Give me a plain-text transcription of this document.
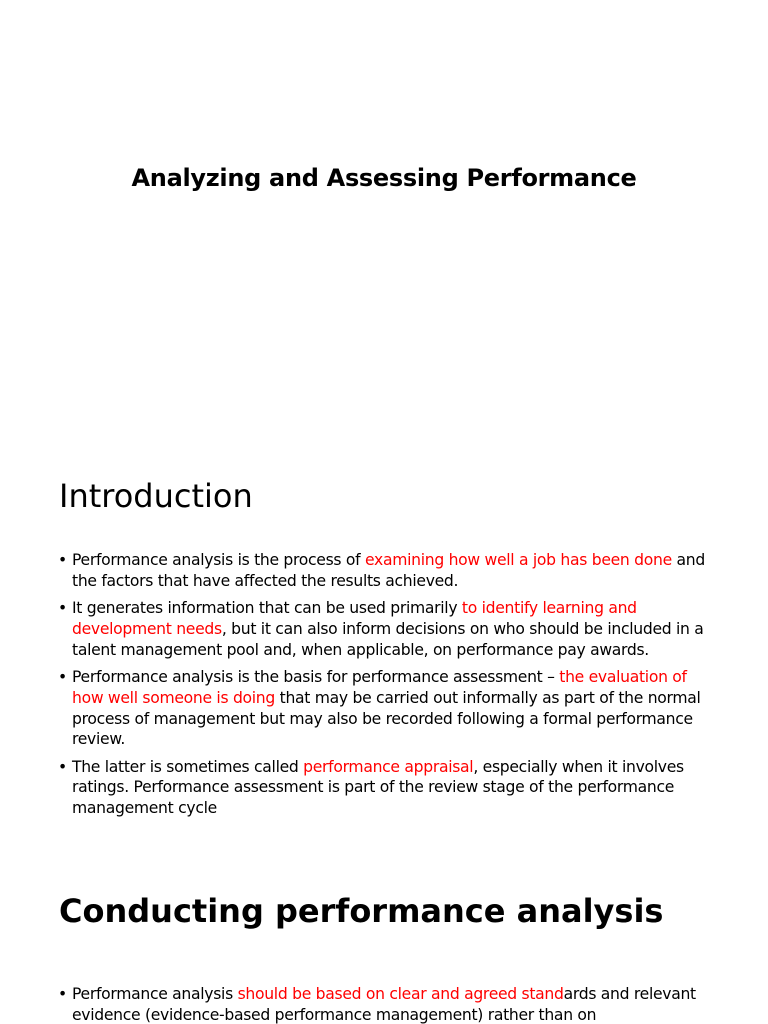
Analyzing and Assessing Performance
Introduction
• Performance analysis is the process of examining how well a job has been done and the factors that have affected the results achieved.
• It generates information that can be used primarily to identify learning and development needs, but it can also inform decisions on who should be included in a talent management pool and, when applicable, on performance pay awards.
• Performance analysis is the basis for performance assessment – the evaluation of how well someone is doing that may be carried out informally as part of the normal process of management but may also be recorded following a formal performance review.
• The latter is sometimes called performance appraisal, especially when it involves ratings. Performance assessment is part of the review stage of the performance management cycle
Conducting performance analysis
• Performance analysis should be based on clear and agreed standards and relevant evidence (evidence-based performance management) rather than on
